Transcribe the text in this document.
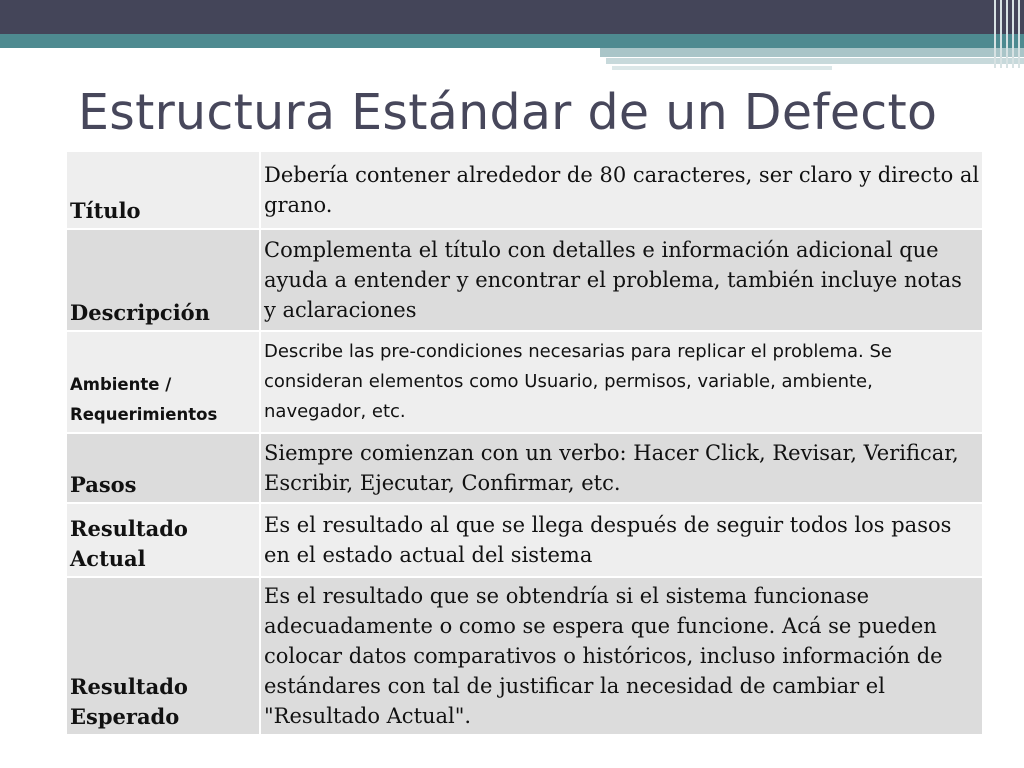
Estructura Estándar de un Defecto
Título	Debería contener alrededor de 80 caracteres, ser claro y directo al grano.
Descripción	Complementa el título con detalles e información adicional que ayuda a entender y encontrar el problema, también incluye notas y aclaraciones
Ambiente / Requerimientos	Describe las pre-condiciones necesarias para replicar el problema. Se consideran elementos como Usuario, permisos, variable, ambiente, navegador, etc.
Pasos	Siempre comienzan con un verbo: Hacer Click, Revisar, Verificar, Escribir, Ejecutar, Confirmar, etc.
Resultado Actual	Es el resultado al que se llega después de seguir todos los pasos en el estado actual del sistema
Resultado Esperado	Es el resultado que se obtendría si el sistema funcionase adecuadamente o como se espera que funcione. Acá se pueden colocar datos comparativos o históricos, incluso información de estándares con tal de justificar la necesidad de cambiar el "Resultado Actual".
